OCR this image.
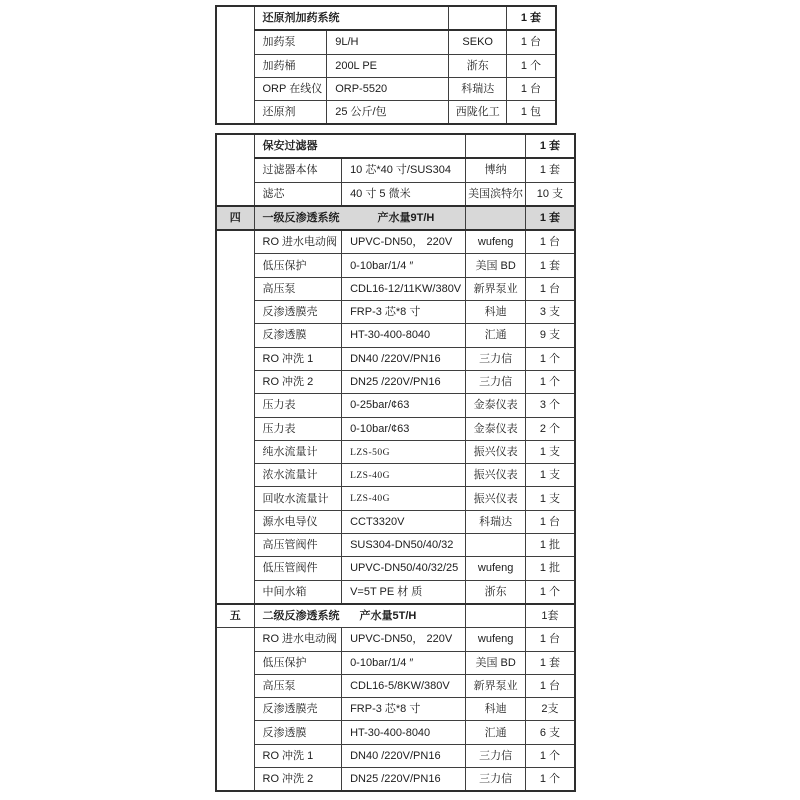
	还原剂加药系统			1 套
	加药泵	9L/H	SEKO	1 台
	加药桶	200L PE	浙东	1 个
	ORP 在线仪	ORP-5520	科瑞达	1 台
	还原剂	25 公斤/包	西陇化工	1 包
	保安过滤器			1 套
	过滤器本体	10 芯*40 寸/SUS304	博纳	1 套
	滤芯	40 寸 5 微米	美国滨特尔	10 支
四	一级反渗透系统 产水量9T/H			1 套
	RO 进水电动阀	UPVC-DN50， 220V	wufeng	1 台
	低压保护	0-10bar/1/4 ″	美国 BD	1 套
	高压泵	CDL16-12/11KW/380V	新界泵业	1 台
	反渗透膜壳	FRP-3 芯*8 寸	科迪	3 支
	反渗透膜	HT-30-400-8040	汇通	9 支
	RO 冲洗 1	DN40 /220V/PN16	三力信	1 个
	RO 冲洗 2	DN25 /220V/PN16	三力信	1 个
	压力表	0-25bar/¢63	金泰仪表	3 个
	压力表	0-10bar/¢63	金泰仪表	2 个
	纯水流量计	LZS-50G	振兴仪表	1 支
	浓水流量计	LZS-40G	振兴仪表	1 支
	回收水流量计	LZS-40G	振兴仪表	1 支
	源水电导仪	CCT3320V	科瑞达	1 台
	高压管阀件	SUS304-DN50/40/32		1 批
	低压管阀件	UPVC-DN50/40/32/25	wufeng	1 批
	中间水箱	V=5T PE 材 质	浙东	1 个
五	二级反渗透系统 产水量5T/H			1套
	RO 进水电动阀	UPVC-DN50， 220V	wufeng	1 台
	低压保护	0-10bar/1/4 ″	美国 BD	1 套
	高压泵	CDL16-5/8KW/380V	新界泵业	1 台
	反渗透膜壳	FRP-3 芯*8 寸	科迪	2支
	反渗透膜	HT-30-400-8040	汇通	6 支
	RO 冲洗 1	DN40 /220V/PN16	三力信	1 个
	RO 冲洗 2	DN25 /220V/PN16	三力信	1 个
